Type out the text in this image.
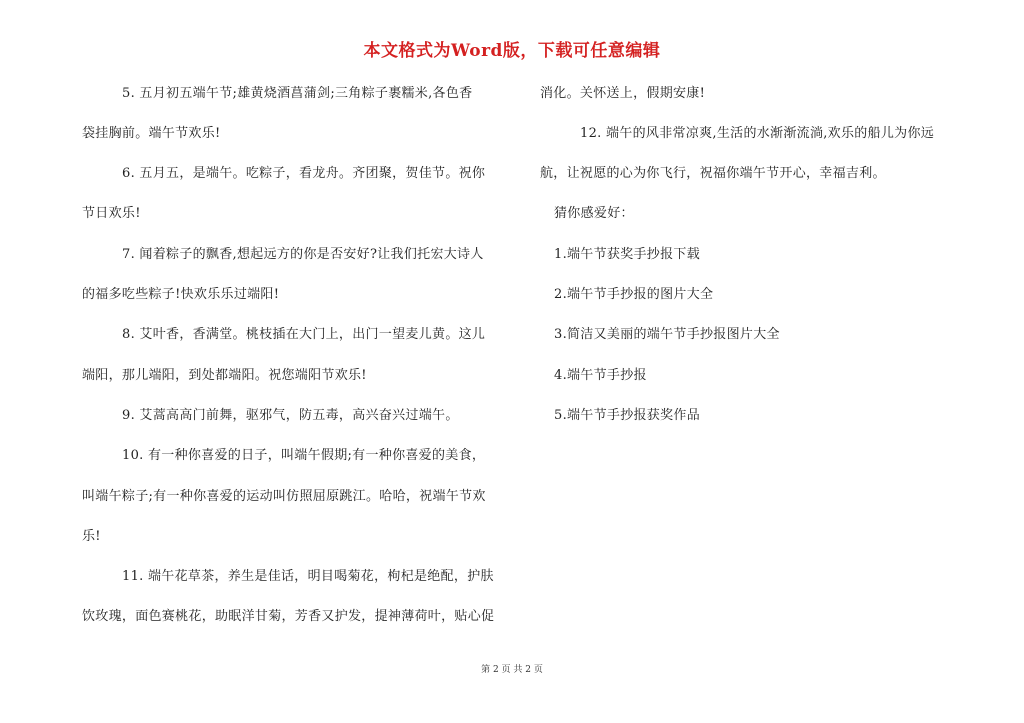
本文格式为Word版，下载可任意编辑
5. 五月初五端午节;雄黄烧酒菖蒲剑;三角粽子裹糯米,各色香
袋挂胸前。端午节欢乐!
6. 五月五，是端午。吃粽子，看龙舟。齐团聚，贺佳节。祝你
节日欢乐!
7. 闻着粽子的飘香,想起远方的你是否安好?让我们托宏大诗人
的福多吃些粽子!快欢乐乐过端阳!
8. 艾叶香，香满堂。桃枝插在大门上，出门一望麦儿黄。这儿
端阳，那儿端阳，到处都端阳。祝您端阳节欢乐!
9. 艾蒿高高门前舞，驱邪气，防五毒，高兴奋兴过端午。
10. 有一种你喜爱的日子，叫端午假期;有一种你喜爱的美食，
叫端午粽子;有一种你喜爱的运动叫仿照屈原跳江。哈哈，祝端午节欢
乐!
11. 端午花草茶，养生是佳话，明目喝菊花，枸杞是绝配，护肤
饮玫瑰，面色赛桃花，助眠洋甘菊，芳香又护发，提神薄荷叶，贴心促
消化。关怀送上，假期安康!
12. 端午的风非常凉爽,生活的水渐渐流淌,欢乐的船儿为你远
航，让祝愿的心为你飞行，祝福你端午节开心，幸福吉利。
猜你感爱好：
1.端午节获奖手抄报下载
2.端午节手抄报的图片大全
3.简洁又美丽的端午节手抄报图片大全
4.端午节手抄报
5.端午节手抄报获奖作品
第 2 页 共 2 页
